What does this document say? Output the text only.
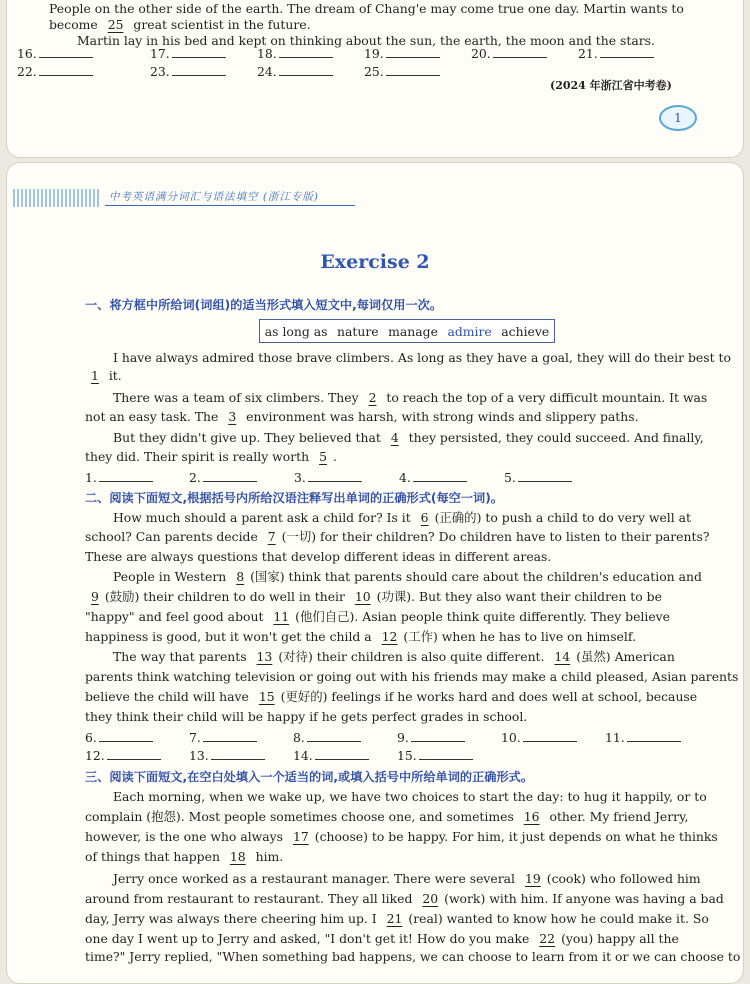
People on the other side of the earth. The dream of Chang'e may come true one day. Martin wants to
become 25 great scientist in the future.
Martin lay in his bed and kept on thinking about the sun, the earth, the moon and the stars.
16.	17.	18.	19.	20.	21.
22.	23.	24.	25.
(2024 年浙江省中考卷)
1
中考英语满分词汇与语法填空 (浙江专版)
Exercise 2
一、将方框中所给词(词组)的适当形式填入短文中,每词仅用一次。
as long as nature manage admire achieve
I have always admired those brave climbers. As long as they have a goal, they will do their best to
1 it.
There was a team of six climbers. They 2 to reach the top of a very difficult mountain. It was
not an easy task. The 3 environment was harsh, with strong winds and slippery paths.
But they didn't give up. They believed that 4 they persisted, they could succeed. And finally,
they did. Their spirit is really worth 5 .
1.	2.	3.	4.	5.
二、阅读下面短文,根据括号内所给汉语注释写出单词的正确形式(每空一词)。
How much should a parent ask a child for? Is it 6 (正确的) to push a child to do very well at
school? Can parents decide 7 (一切) for their children? Do children have to listen to their parents?
These are always questions that develop different ideas in different areas.
People in Western 8 (国家) think that parents should care about the children's education and
9 (鼓励) their children to do well in their 10 (功课). But they also want their children to be
"happy" and feel good about 11 (他们自己). Asian people think quite differently. They believe
happiness is good, but it won't get the child a 12 (工作) when he has to live on himself.
The way that parents 13 (对待) their children is also quite different. 14 (虽然) American
parents think watching television or going out with his friends may make a child pleased, Asian parents
believe the child will have 15 (更好的) feelings if he works hard and does well at school, because
they think their child will be happy if he gets perfect grades in school.
6.	7.	8.	9.	10.	11.
12.	13.	14.	15.
三、阅读下面短文,在空白处填入一个适当的词,或填入括号中所给单词的正确形式。
Each morning, when we wake up, we have two choices to start the day: to hug it happily, or to
complain (抱怨). Most people sometimes choose one, and sometimes 16 other. My friend Jerry,
however, is the one who always 17 (choose) to be happy. For him, it just depends on what he thinks
of things that happen 18 him.
Jerry once worked as a restaurant manager. There were several 19 (cook) who followed him
around from restaurant to restaurant. They all liked 20 (work) with him. If anyone was having a bad
day, Jerry was always there cheering him up. I 21 (real) wanted to know how he could make it. So
one day I went up to Jerry and asked, "I don't get it! How do you make 22 (you) happy all the
time?" Jerry replied, "When something bad happens, we can choose to learn from it or we can choose to
